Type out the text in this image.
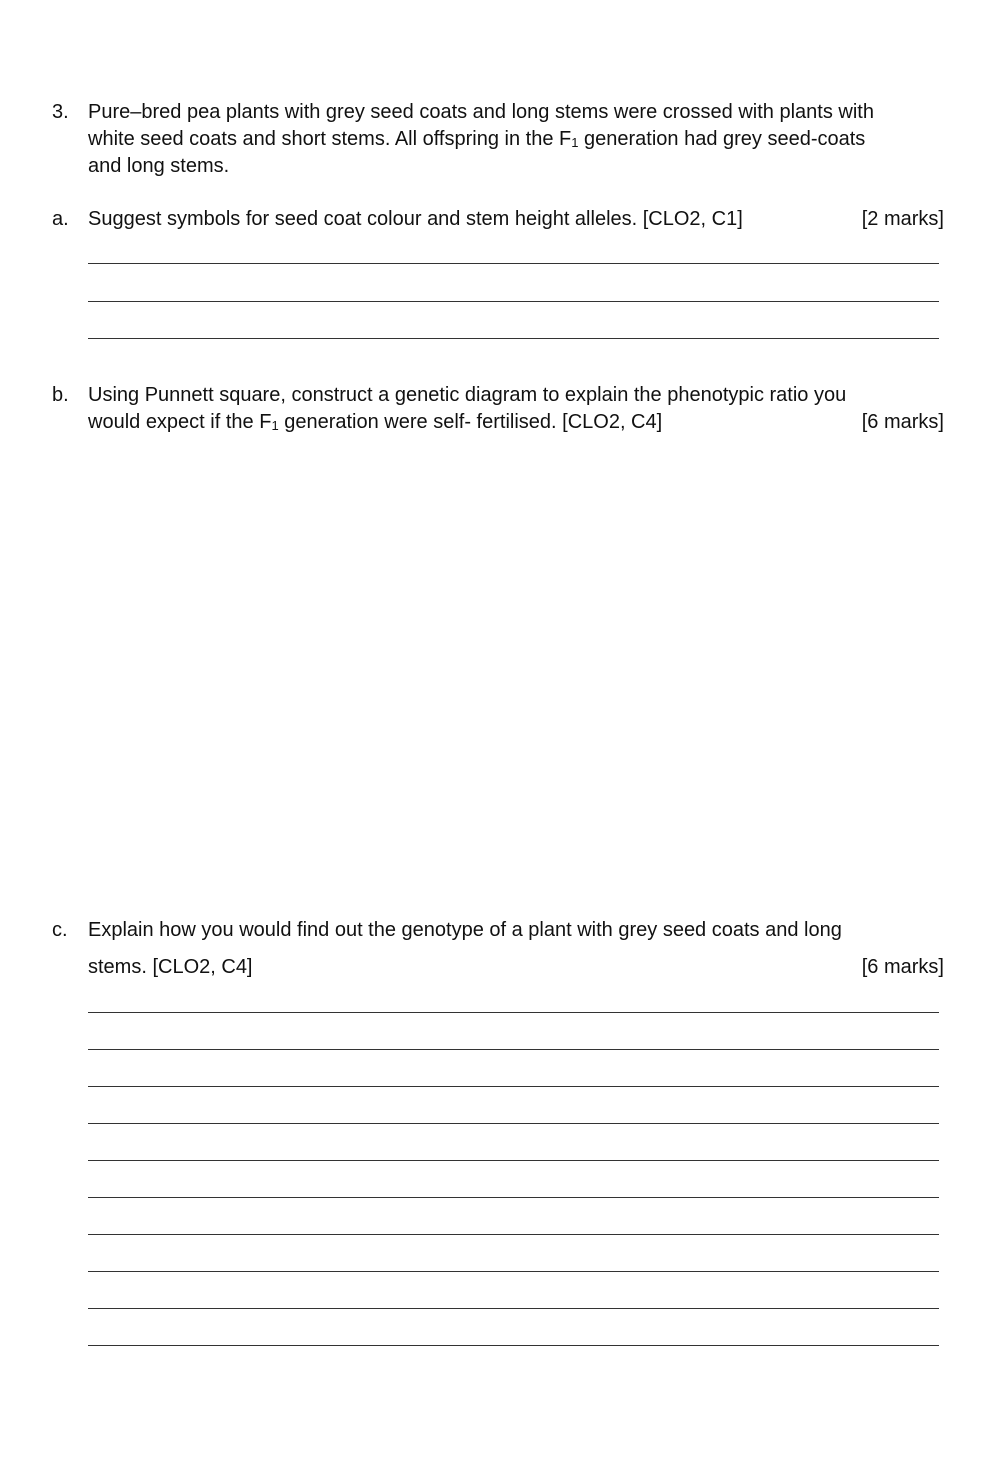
3. Pure–bred pea plants with grey seed coats and long stems were crossed with plants with
white seed coats and short stems. All offspring in the $F_1$ generation had grey seed-coats
and long stems.
a. Suggest symbols for seed coat colour and stem height alleles. [CLO2, C1]	[2 marks]
b. Using Punnett square, construct a genetic diagram to explain the phenotypic ratio you
would expect if the $F_1$ generation were self- fertilised. [CLO2, C4]	[6 marks]
c. Explain how you would find out the genotype of a plant with grey seed coats and long
stems. [CLO2, C4]	[6 marks]
